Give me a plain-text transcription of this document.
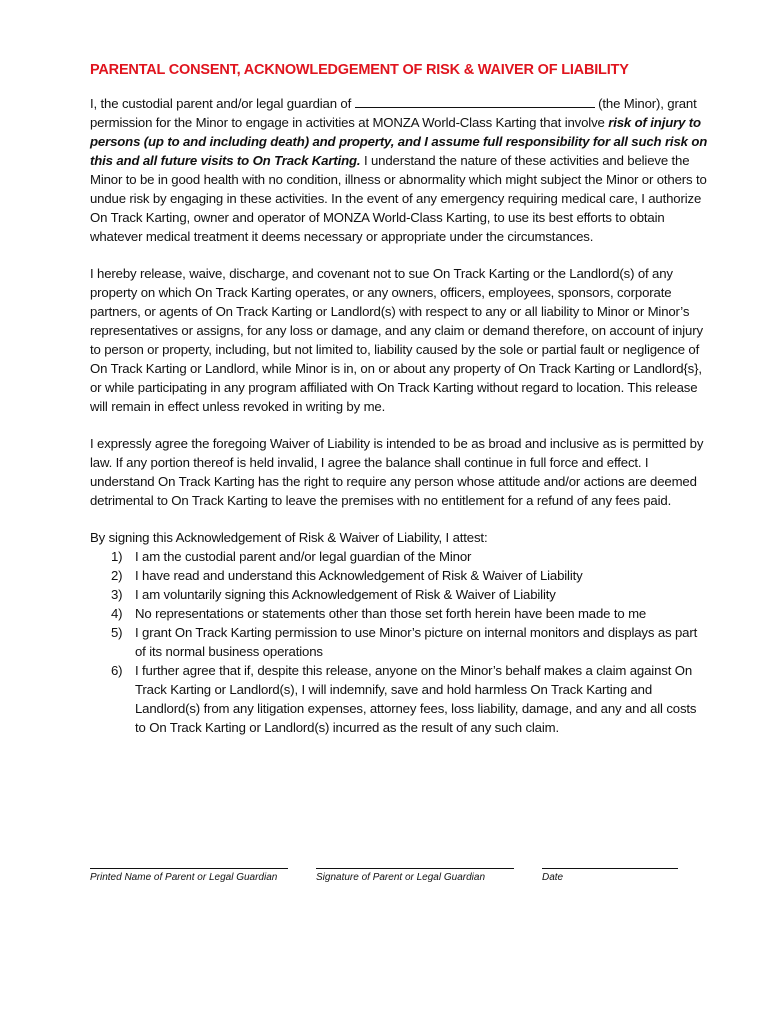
PARENTAL CONSENT, ACKNOWLEDGEMENT OF RISK & WAIVER OF LIABILITY

I, the custodial parent and/or legal guardian of	(the Minor), grant permission for the Minor to engage in activities at MONZA World-Class Karting that involve risk of injury to persons (up to and including death) and property, and I assume full responsibility for all such risk on this and all future visits to On Track Karting. I understand the nature of these activities and believe the Minor to be in good health with no condition, illness or abnormality which might subject the Minor or others to undue risk by engaging in these activities. In the event of any emergency requiring medical care, I authorize On Track Karting, owner and operator of MONZA World-Class Karting, to use its best efforts to obtain whatever medical treatment it deems necessary or appropriate under the circumstances.

I hereby release, waive, discharge, and covenant not to sue On Track Karting or the Landlord(s) of any property on which On Track Karting operates, or any owners, officers, employees, sponsors, corporate partners, or agents of On Track Karting or Landlord(s) with respect to any or all liability to Minor or Minor’s representatives or assigns, for any loss or damage, and any claim or demand therefore, on account of injury to person or property, including, but not limited to, liability caused by the sole or partial fault or negligence of On Track Karting or Landlord, while Minor is in, on or about any property of On Track Karting or Landlord{s}, or while participating in any program affiliated with On Track Karting without regard to location. This release will remain in effect unless revoked in writing by me.

I expressly agree the foregoing Waiver of Liability is intended to be as broad and inclusive as is permitted by law. If any portion thereof is held invalid, I agree the balance shall continue in full force and effect. I understand On Track Karting has the right to require any person whose attitude and/or actions are deemed detrimental to On Track Karting to leave the premises with no entitlement for a refund of any fees paid.

By signing this Acknowledgement of Risk & Waiver of Liability, I attest:
1) I am the custodial parent and/or legal guardian of the Minor
2) I have read and understand this Acknowledgement of Risk & Waiver of Liability
3) I am voluntarily signing this Acknowledgement of Risk & Waiver of Liability
4) No representations or statements other than those set forth herein have been made to me
5) I grant On Track Karting permission to use Minor’s picture on internal monitors and displays as part of its normal business operations
6) I further agree that if, despite this release, anyone on the Minor’s behalf makes a claim against On Track Karting or Landlord(s), I will indemnify, save and hold harmless On Track Karting and Landlord(s) from any litigation expenses, attorney fees, loss liability, damage, and any and all costs to On Track Karting or Landlord(s) incurred as the result of any such claim.
Printed Name of Parent or Legal Guardian	Signature of Parent or Legal Guardian	Date
